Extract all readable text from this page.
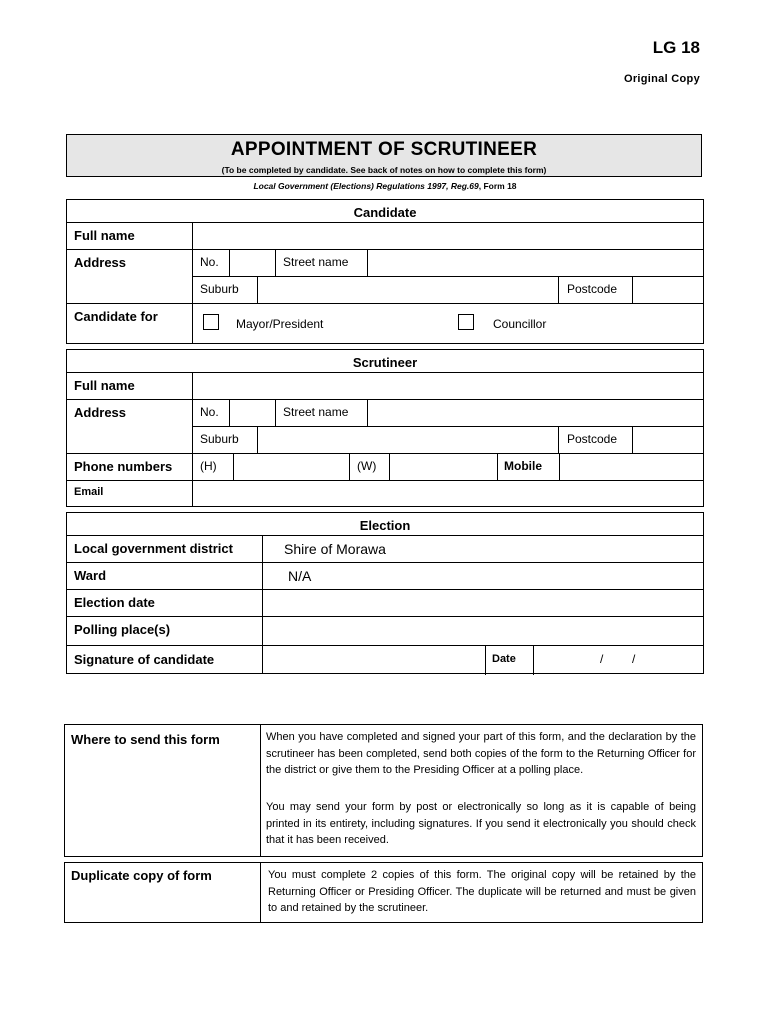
LG 18
Original Copy
APPOINTMENT OF SCRUTINEER
(To be completed by candidate. See back of notes on how to complete this form)
Local Government (Elections) Regulations 1997, Reg.69, Form 18
Candidate
Full name
Address	No.	Street name
Suburb	Postcode
Candidate for	Mayor/President	Councillor
Scrutineer
Full name
Address	No.	Street name
Suburb	Postcode
Phone numbers (H)	(W)	Mobile
Email
Election
Local government district	Shire of Morawa
Ward	N/A
Election date
Polling place(s)
Signature of candidate	Date	/ /
Where to send this form	When you have completed and signed your part of this form, and the declaration by the scrutineer has been completed, send both copies of the form to the Returning Officer for the district or give them to the Presiding Officer at a polling place.
You may send your form by post or electronically so long as it is capable of being printed in its entirety, including signatures. If you send it electronically you should check that it has been received.
Duplicate copy of form	You must complete 2 copies of this form. The original copy will be retained by the Returning Officer or Presiding Officer. The duplicate will be returned and must be given to and retained by the scrutineer.
